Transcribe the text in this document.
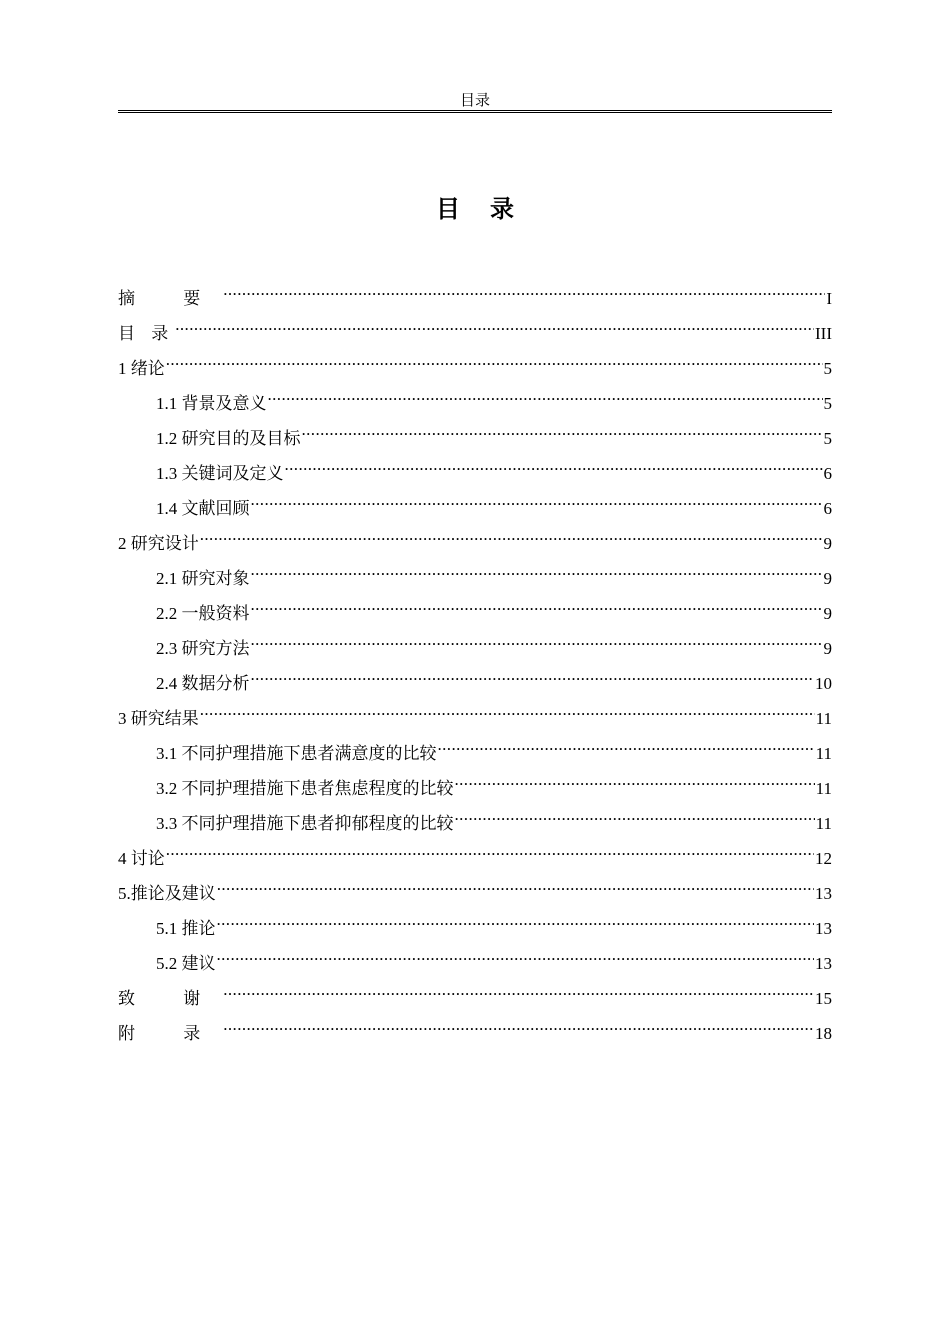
目录
目 录
摘 要 .....	I
目 录 .....	III
1 绪论 .....	5
1.1 背景及意义 .....	5
1.2 研究目的及目标 .....	5
1.3 关键词及定义 .....	6
1.4 文献回顾 .....	6
2 研究设计 .....	9
2.1 研究对象 .....	9
2.2 一般资料 .....	9
2.3 研究方法 .....	9
2.4 数据分析 .....	10
3 研究结果 .....	11
3.1 不同护理措施下患者满意度的比较 .....	11
3.2 不同护理措施下患者焦虑程度的比较 .....	11
3.3 不同护理措施下患者抑郁程度的比较 .....	11
4 讨论 .....	12
5.推论及建议 .....	13
5.1 推论 .....	13
5.2 建议 .....	13
致 谢 .....	15
附 录 .....	18
